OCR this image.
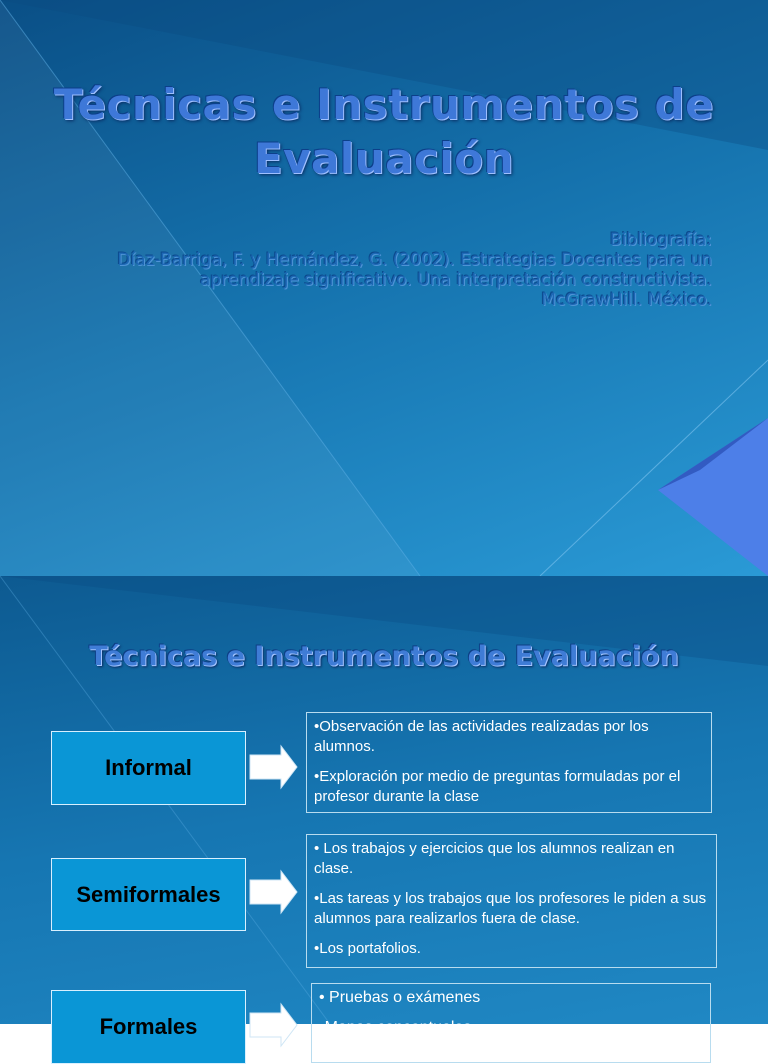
Técnicas e Instrumentos de
Evaluación
Bibliografía:
Díaz-Barriga, F. y Hernández, G. (2002). Estrategias Docentes para un
aprendizaje significativo. Una interpretación constructivista.
McGrawHill. México.
Técnicas e Instrumentos de Evaluación
Informal

•Observación de las actividades realizadas por los alumnos.

•Exploración por medio de preguntas formuladas por el profesor durante la clase

Semiformales

• Los trabajos y ejercicios que los alumnos realizan en clase.

•Las tareas y los trabajos que los profesores le piden a sus alumnos para realizarlos fuera de clase.

•Los portafolios.

Formales

• Pruebas o exámenes

•Mapas conceptuales
